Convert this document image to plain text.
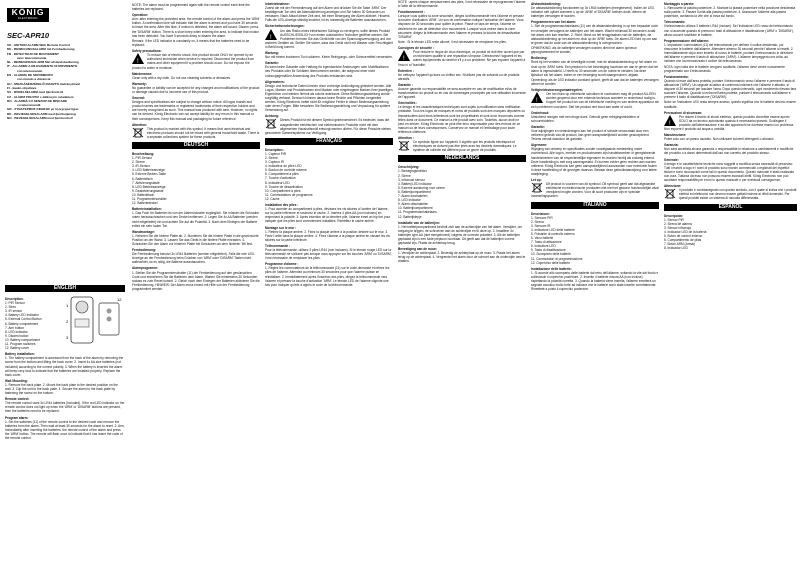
KÖNIG
ELECTRONIC
SEC-APR10
UK - MOTION ALARM With Remote Control
DE - BEWEGUNGSALARM mit Fernbedienung
FR - DÉTECTEUR DE MOUVEMENT
avec télécommande
NL - BEWEGINGSALARM Met afstandsbediening
IT - ALLARME A RILEVAMENTO DI MOVIMENTO
con telecomando
ES - ALARMA DE MOVIMIENTO
con mando a distancia
HU - MOZGÁSÉRZÉKELŐ RIASZTÓ távirányítóval
FI - kauko-ohjattava
SV - RÖRELSELARM med fjärrkontroll
CZ - ALARM POHYBU s dálkovým ovladačem
RO - ALARMĂ CU SENZOR DE MIŞCARE
cu telecomandă
GR - ΣΥΝΑΓΕΡΜΟΣ ΚΙΝΗΣΗΣ με τηλεχειριστήριο
DK - BEVÆGELSESALARM med fjernbetjening
NO - BEVEGELSESALARM med fjernkontroll
ENGLISH
Description:
1. PIR Sensor
2. Siren
3. IR sensor
4. Battery LED Indicator
5. External Control Button
6. Battery compartment
7. Arm button
8. LED indicator
9. Disarm button
10. Battery compartment
11. Program switches
12. Battery cover
1
2
3
12
Battery installation:

1. The battery compartment is accessed from the back of the alarm by removing the screw from the bottom and lifting the back cover. 2. Insert 4x AA size batteries (not included) according to the correct polarity. 3. When the battery is inserted the alarm will beep very loud to indicate that the batteries are installed properly. Replace the back cover.

Wall Mounting:

1. Remove the back plate. 2. Mount the back plate to the desired position on the wall. 3. Clip the unit to the back plate. 4. Secure the alarm to the back plate by fastening the screw on the bottom.

Remote control:

The remote control uses 3x LR44 batteries (included). If the red LED indicator on the remote control does not light up when the 'ARM' or 'DISARM' buttons are pressed, then the batteries need to be replaced.

Program alarm:

1. Set the switches (11) of the remote control to the desired code and remove the batteries from the alarm. Then wait at least 30 seconds for the alarm to reset. 2. Arm, immediately after inserting the batteries, the remote control of the alarm and press the 'ARM' button. The remote will flash once to indicate that it has learnt the code of the remote control.

NOTE: The alarm must be programmed again with the remote control each time the batteries are replaced.

Operation:

Arm: after entering the protected area, the remote control of the alarm and press the 'ARM' button. A confirmation tone will indicate that the alarm is armed and you have 30 seconds to leave the area. After this time, if motion is detected, the alarm will sound. Disarm: press the 'DISARM' button. There is a short beep when entering the area, to indicate that motion has been detected. You have 5 seconds delay to disarm the alarm.

Remark: If the LED indicator is constantly on, it means that the batteries need to be replaced.

Safety precautions:

!
To reduce risk of electric shock, this product should ONLY be opened by an authorized technician when service is required. Disconnect the product from mains and other equipment if a problem should occur. Do not expose the product to water or moisture.

Maintenance:

Clean only with a dry cloth. Do not use cleaning solvents or abrasives.

Warranty:

No guarantee or liability can be accepted for any changes and modifications of the product or damage caused due to incorrect use of this product.

General:

Designs and specifications are subject to change without notice. All logos brands and product names are trademarks or registered trademarks of their respective holders and are hereby recognized as such. This manual was produced with care. However, no rights can be derived. König Electronic can not accept liability for any errors in this manual or their consequences. Keep this manual and packaging for future reference.

Attention:

This product is marked with this symbol. It means that used electrical and electronic products should not be mixed with general household waste. There is a separate collections system for these products.

DEUTSCH
Beschreibung:
1. PIR-Sensor
2. Sirene
3. IR-Sensor
4. LED Batterieanzeige
5. Externe Bedien-Taste
6. Batteriefach
7. Aktivierungstaste
8. LED Betriebsanzeige
9. Deaktivierungstaste
10. Batteriefach
11. Programmierschalter
12. Batteriedeckel
Batterieinstallation:

1. Das Fach für Batterien ist von der Alarmrückseite zugänglich. Sie müssen die Schraube unten herausschrauben und den Deckel entfernen. 2. Legen Sie 4x AA Batterien (werden nicht mitgeliefert) ein und achten Sie auf die Polarität. 3. Nach dem Einlegen der Batterie ertönt ein sehr lauter Ton.

Wandmontage:

1. Nehmen Sie die hintere Platte ab. 2. Montieren Sie die hintere Platte in die gewünschte Position an der Wand. 3. Lassen Sie das Gerät in die hintere Platte einrasten. 4. Schrauben Sie den Alarm zur hinteren Platte mit Schrauben an dem hinteren Teil fest.

Fernbedienung:

Die Fernbedienung benutzt 3x LR44 Batterien (werden mitgeliefert). Falls die rote LED-Anzeige an der Fernbedienung beim Drücken von 'ARM' oder 'DISARM' Tasten nicht aufleuchtet, ist es nötig, die Batterie auszutauschen.

Alarmprogramm:

1. Stellen Sie die Programmierschalter (11) der Fernbedienung auf den gewünschten Code und entnehmen Sie die Batterien dem Alarm. Warten Sie mindestens 30 Sekunden, sodass es zum Reset kommt. 2. Gleich nach dem Einlegen der Batterien aktivieren Sie die Fernbedienung. HINWEIS: Der Alarm muss erneut mit Hilfe von der Fernbedienung programmiert werden.

Inbetriebnahme:

Zuerst die mit der Fernbedienung auf den Alarm und drücken Sie die Taste 'ARM'. Der bestätigende Ton wird die Alarmaktivierung anzeigen und Sie haben 30 Sekunden zu verlassen. Nach Ablauf dieser Zeit wird, bei einer Bewegung der Alarm aktiviert. Hinweis: Falls die LED-Anzeige ständig leuchtet, ist es notwendig die Batterien auszutauschen.

Sicherheitsvorkehrungen:

!
Um das Risiko eines elektrischen Schlags zu verringern, sollte dieses Produkt AUSSCHLIESSLICH von einem autorisierten Techniker geöffnet werden. Bei Problemen trennen Sie das Gerät bitte von der Spannungsversorgung und von anderen Geräten ab. Stellen Sie sicher, dass das Gerät nicht mit Wasser oder Feuchtigkeit in Berührung kommt.

Wartung:

Nur mit einem trockenen Tuch säubern. Keine Reinigungs- oder Scheuermittel verwenden.

Garantie:

Es kann keine Garantie oder Haftung für irgendwelche Änderungen oder Modifikationen des Produkts oder für Schäden übernommen werden, die aufgrund einer nicht ordnungsgemäßen Anwendung des Produkts entstanden sind.

Allgemeines:

Design und technische Daten können ohne vorherige Ankündigung geändert werden. Alle Logos, Marken und Produktnamen sind Marken oder eingetragene Marken ihrer jeweiligen Eigentümer und werden hiermit als solche anerkannt. Diese Bedienungsanleitung wurde sorgfältig verfasst. Dennoch können daraus keine Rechte und Pflichten hergeleitet werden. König Electronic haftet nicht für mögliche Fehler in dieser Bedienungsanleitung oder deren Folgen. Bitte bewahren Sie Bedienungsanleitung und Verpackung für spätere Verwendung auf.

Achtung:

Dieses Produkt ist mit diesem Symbol gekennzeichnet. Es bedeutet, dass die ausgedienten elektrischen und elektronischen Produkte nicht mit dem allgemeinen Haushaltsmüll entsorgt werden dürfen. Für diese Produkte stehen gesonderte Sammelsysteme zur Verfügung.

FRANÇAIS
Description :
1. Capteur PIR
2. Sirène
3. Capteur IR
4. Indicateur de piles LED
5. Bouton de contrôle externe
6. Compartiment à piles
7. Touche d'activation
8. Indicateur LED
9. Touche de désactivation
10. Compartiment à piles
11. Commutateurs de programme
12. Cache
Installation des piles :

1. Pour accéder au compartiment à piles, dévissez les vis situées à l'arrière de l'alarme, sur la partie inférieure et soulevez le cache. 2. Insérez 4 piles AA (non incluses) en respectant la polarité. 3. Après insertion de la dernière pile, l'alarme émet un bip fort pour indiquer que les piles sont correctement installées. Remettez le cache arrière.

Montage sur le mur :

1. Retirez la plaque arrière. 2. Fixez la plaque arrière à la position désirée sur le mur. 3. Fixez l'unité dans la plaque arrière. 4. Fixez l'alarme à la plaque arrière en vissant les vis situées sur la partie inférieure.

Télécommande :

Pour la télécommande, utilisez 3 piles LR44 (non incluses). Si le témoin rouge LED sur la télécommande ne s'allume pas lorsque vous appuyez sur les touches 'ARM' ou 'DISARM', il est nécessaire de remplacer les piles.

Programme d'alarme :

1. Réglez les commutateurs de la télécommande (11) sur le code demandé et retirez les piles de l'alarme. Attendez au minimum 30 secondes pour que l'alarme puisse se réinitialiser. 2. Immédiatement après l'insertion des piles, dirigez la télécommande vers l'alarme et pressez la touche d'activation 'ARM'. Le témoin LED de l'alarme clignote une fois pour indiquer qu'elle a appris le code de la télécommande.

NOTE : après chaque remplacement des piles, il est nécessaire de reprogrammer l'alarme à l'aide de la télécommande.

Fonctionnement :

Lorsque vous quittez la zone sécurisée, dirigez la télécommande vers l'alarme et pressez la touche d'activation 'ARM'. Un son de confirmation indique l'activation de l'alarme. Vous disposez de 30 secondes pour quitter la pièce. Passé ce laps de temps, l'alarme se déclenche en cas de détection d'un mouvement. Lorsque vous entrez dans la zone sécurisée, dirigez la télécommande vers l'alarme et pressez la touche de désactivation 'DISARM'.

Note : Si le témoin LED reste allumé, il est nécessaire de remplacer les piles.

Consignes de sécurité :

!
Pour réduire le risque de choc électrique, ce produit ne doit être ouvert que par un technicien qualifié si une réparation s'impose. Débranchez l'appareil et les autres équipements du secteur s'il y a un problème. Ne pas exposer l'appareil à l'eau ni à l'humidité.

Entretien :

Ne nettoyez l'appareil qu'avec un chiffon sec. N'utilisez pas de solvants ou de produits abrasifs.

Garantie :

Aucune garantie ou responsabilité ne sera acceptée en cas de modification et/ou de transformation du produit ou en cas de dommages provoqués par une utilisation incorrecte de l'appareil.

Généralités :

Le design et les caractéristiques techniques sont sujets à modification sans notification préalable. Tous les logos de marques et noms de produits sont des marques déposées ou immatriculées dont leurs détenteurs sont les propriétaires et sont donc reconnues comme telles dans ce document. Ce manuel a été produit avec soin. Toutefois, aucun droit ne peut en dériver. König Electronic ne peut être tenu responsable pour des erreurs de ce manuel ou de leurs conséquences. Conservez ce manuel et l'emballage pour toute référence ultérieure.

Attention :

Ce symbole figure sur l'appareil. Il signifie que les produits électriques et électroniques ne doivent pas être jetés avec les déchets domestiques. Le système de collecte est différent pour ce genre de produits.

NEDERLANDS
Omschrijving:
1. Bewegingsmelder
2. Sirene
3. Infrarood sensor
4. Batterij LED Indicator
5. Externe aansturing voor sirene
6. Batterijcompartiment
7. Alarm inschakelen
8. LED indicator
9. Alarm uitschakelen
10. Batterijcompartiment
11. Programmaschakelaars
12. Batterijklepje
Installatie van de batterijen:

1. Het batterijcompartiment bevindt zich aan de achterzijde van het alarm. Verwijder, om toegang te krijgen, de schroeven aan de achterzijde en til deze op. 2. Installeer 4x batterijen type AA (niet meegeleverd) volgens de correcte polariteit. 3. Als de batterijen geplaatst zijn is een luide pieptoon hoorbaar. Dit geeft aan dat de batterijen correct geplaatst zijn. Plaats de achterkap terug.

Bevestiging aan de muur:

1. Verwijder de achterplaat. 2. Bevestig de achterplaat op de muur. 3. Plaats het alarm terug op de achterplaat. 4. Vergrendel het alarm door de schroef aan de onderzijde vast te draaien.

Afstandsbediening:

De afstandsbediening functioneert op 3x LR44 batterijen (meegeleverd). Indien de LED indicator niet oplicht wanneer u op de 'ARM' of 'DISARM' toetsen drukt, dienen de batterijen vervangen te worden.

Programmeren van het alarm:

1. Stel de programmaschakelaars (11) van de afstandsbediening in op een bepaalde code en verwijder vervolgens de batterijen van het alarm. Wacht minimaal 30 seconden zodat het alarm zich kan resetten. 2. Richt, direct na het terugplaatsen van de batterijen, de afstandsbediening op het alarm en druk op de 'ARM' toets. De alarm LED licht op om aan te geven dat de code van de afstandsbediening is overgenomen.

OPMERKING: als de batterijen vervangen worden dient het alarm opnieuw geprogrammeerd te worden.

Bediening:

Richt bij het verlaten van de beveiligde ruimte, met de afstandsbediening op het alarm en druk op de 'ARM' toets. Een pieptoon is het bevestiging hoorbaar om aan te geven dat het alarm is ingeschakeld. U heeft nu 30 seconden om de ruimte te verlaten. Na deze tijdsduur zal het alarm, indien er een beweging wordt waargenomen, afgaan.

Opmerking: als de LED indicator constant oplicht, geeft dit aan dat de batterijen vervangen dienen te worden.

Veiligheidsvoorzorgsmaatregelen:

!
Om het risico op elektrische schokken te voorkomen mag dit product ALLEEN worden geopend door een erkende technicus wanneer er onderhoud nodig is. Koppel het product los van de elektrische voeding en van andere apparatuur als zich problemen voordoen. Stel het product niet bloot aan water of vocht.

Onderhoud:

Uitsluitend reinigen met een droge doek. Gebruik geen reinigingsmiddelen of schuurmiddelen.

Garantie:

Voor wijzigingen en veranderingen aan het product of schade veroorzaakt door een verkeerd gebruik van dit product, kan geen aansprakelijkheid worden geaccepteerd. Tevens vervalt daardoor de garantie.

Algemeen:

Wijziging van ontwerp en specificaties zonder voorafgaande mededeling onder voorbehoud. Alle logo's, merken en productnamen zijn handelsmerken of geregistreerde handelsmerken van de respectievelijke eigenaren en worden hierbij als zodanig erkend. Deze handleiding is met zorg samengesteld. Er kunnen echter geen rechten aan worden ontleend. König Electronic kan geen aansprakelijkheid aanvaarden voor eventuele fouten in deze handleiding of de gevolgen daarvan. Bewaar deze gebruiksaanwijzing voor latere raadpleging.

Let op:

Dit product is voorzien van dit symbool. Dit symbool geeft aan dat afgedankte elektrische en elektronische producten niet met het gewone huishoudelijke afval verwijderd mogen worden. Voor dit soort producten zijn er speciale inzamelingspunten.

ITALIANO
Descrizione:
1. Sensore PIR
2. Sirena
3. Sensore IR
4. Indicatore LED delle batterie
5. Pulsante di controllo esterno
6. Vano batterie
7. Tasto di attivazione
8. Indicatore LED
9. Tasto di disattivazione
10. Scomparto delle batterie
11. Commutatori di programmazione
12. Coperchio delle batterie
Installazione delle batterie:

1. Si accede allo scomparto delle batterie dal retro dell'allarme, svitando la vite dal fondo e sollevando il coperchio posteriore. 2. Inserite 4 batterie misura AA (non incluse) rispettando la polarità corretta. 3. Quando la batteria viene inserita, l'allarme emetterà un segnale acustico molto forte ad indicare che le batterie sono state inserite correttamente. Rimettete a posto il coperchio posteriore.

Montaggio a parete:

1. Rimuovete la piastra posteriore. 2. Montate la piastra posteriore nella posizione desiderata sulla parete. 3. Fissare l'unità alla piastra posteriore. 4. Assicurare l'allarme alla piastra posteriore, avvitando la vite che si trova sul fondo.

Telecomando:

Il telecomando utilizza 3 batterie LR44 (incluse). Se l'indicatore LED rosso del telecomando non si accende quando si premono i tasti di attivazione e disattivazione ('ARM' o 'DISARM'), allora occorre sostituire le batterie.

Programmazione dell'allarme:

1. Impostare i commutatori (11) del telecomando per definire il codice desiderato, poi rimuovere le batterie dall'allarme. Attendere almeno 30 secondi perché l'allarme si resetti. 2. Immediatamente dopo aver inserito di nuovo le batterie, puntare il telecomando in direzione dell'allarme e premere il tasto di attivazione ('ARM'). L'allarme lampeggerà una volta, ad indicare che ha memorizzato il codice del telecomando.

NOTA: ogni volta che le batterie vengono sostituite, l'allarme deve venire nuovamente programmato con il telecomando.

Funzionamento:

Quando si esce dall'area protetta, puntare il telecomando verso l'allarme e premere il tasto di attivazione ('ARM'). Un segnale acustico di conferma indicherà che l'allarme è attivato, si dispone di 30 secondi per lasciare l'area. Dopo questo intervallo, ogni movimento rilevato farà suonare l'allarme. Quando si entra nell'area protetta, puntare il telecomando sull'allarme e premere il tasto di disattivazione ('DISARM').

Nota: se l'indicatore LED resta sempre acceso, questo significa che le batterie devono essere sostituite.

Precauzioni di sicurezza:

!
Per ridurre il rischio di shock elettrico, questo prodotto dovrebbe essere aperto SOLO da un tecnico autorizzato quando è necessaria riparario. Scollegare il prodotto dall'alimentazione e da altri apparecchi se dovesse esserci un problema. Non esporre il prodotto ad acqua o umidità.

Manutenzione:

Pulire solo con un panno asciutto. Non utilizzare solventi detergenti o abrasivi.

Garanzia:

Non sarà accettata alcuna garanzia o responsabilità in relazione a cambiamenti e modifiche del prodotto o a danni determinati dall'uso non corretto del prodotto stesso.

Generale:

Il design e le caratteristiche tecniche sono soggetti a modifica senza necessità di preavviso. Tutti i marchi a logo e i nomi di prodotto sono marchi commerciali o registrati dei rispettivi titolari e sono riconosciuti come tali in questo documento. Questo manuale è stato realizzato con cura. Tuttavia da esso non possono essere avanzati diritti. König Electronic non può accettare responsabilità per errori in questo manuale o per eventuali conseguenze.

Attenzione:

Il prodotto è contrassegnato con questo simbolo, con il quale si indica che i prodotti elettrici ed elettronici non devono essere gettati insieme ai rifiuti domestici. Per questi prodotti esiste un sistema di raccolta differenziata.

ESPAÑOL
Descripción:
1. Sensor PIR
2. Sirena de alarma
3. Sensor infrarrojo
4. Indicador LED de la batería
5. Botón de control externo
6. Compartimento de pilas
7. Botón ARM (Armar)
8. Indicador LED
